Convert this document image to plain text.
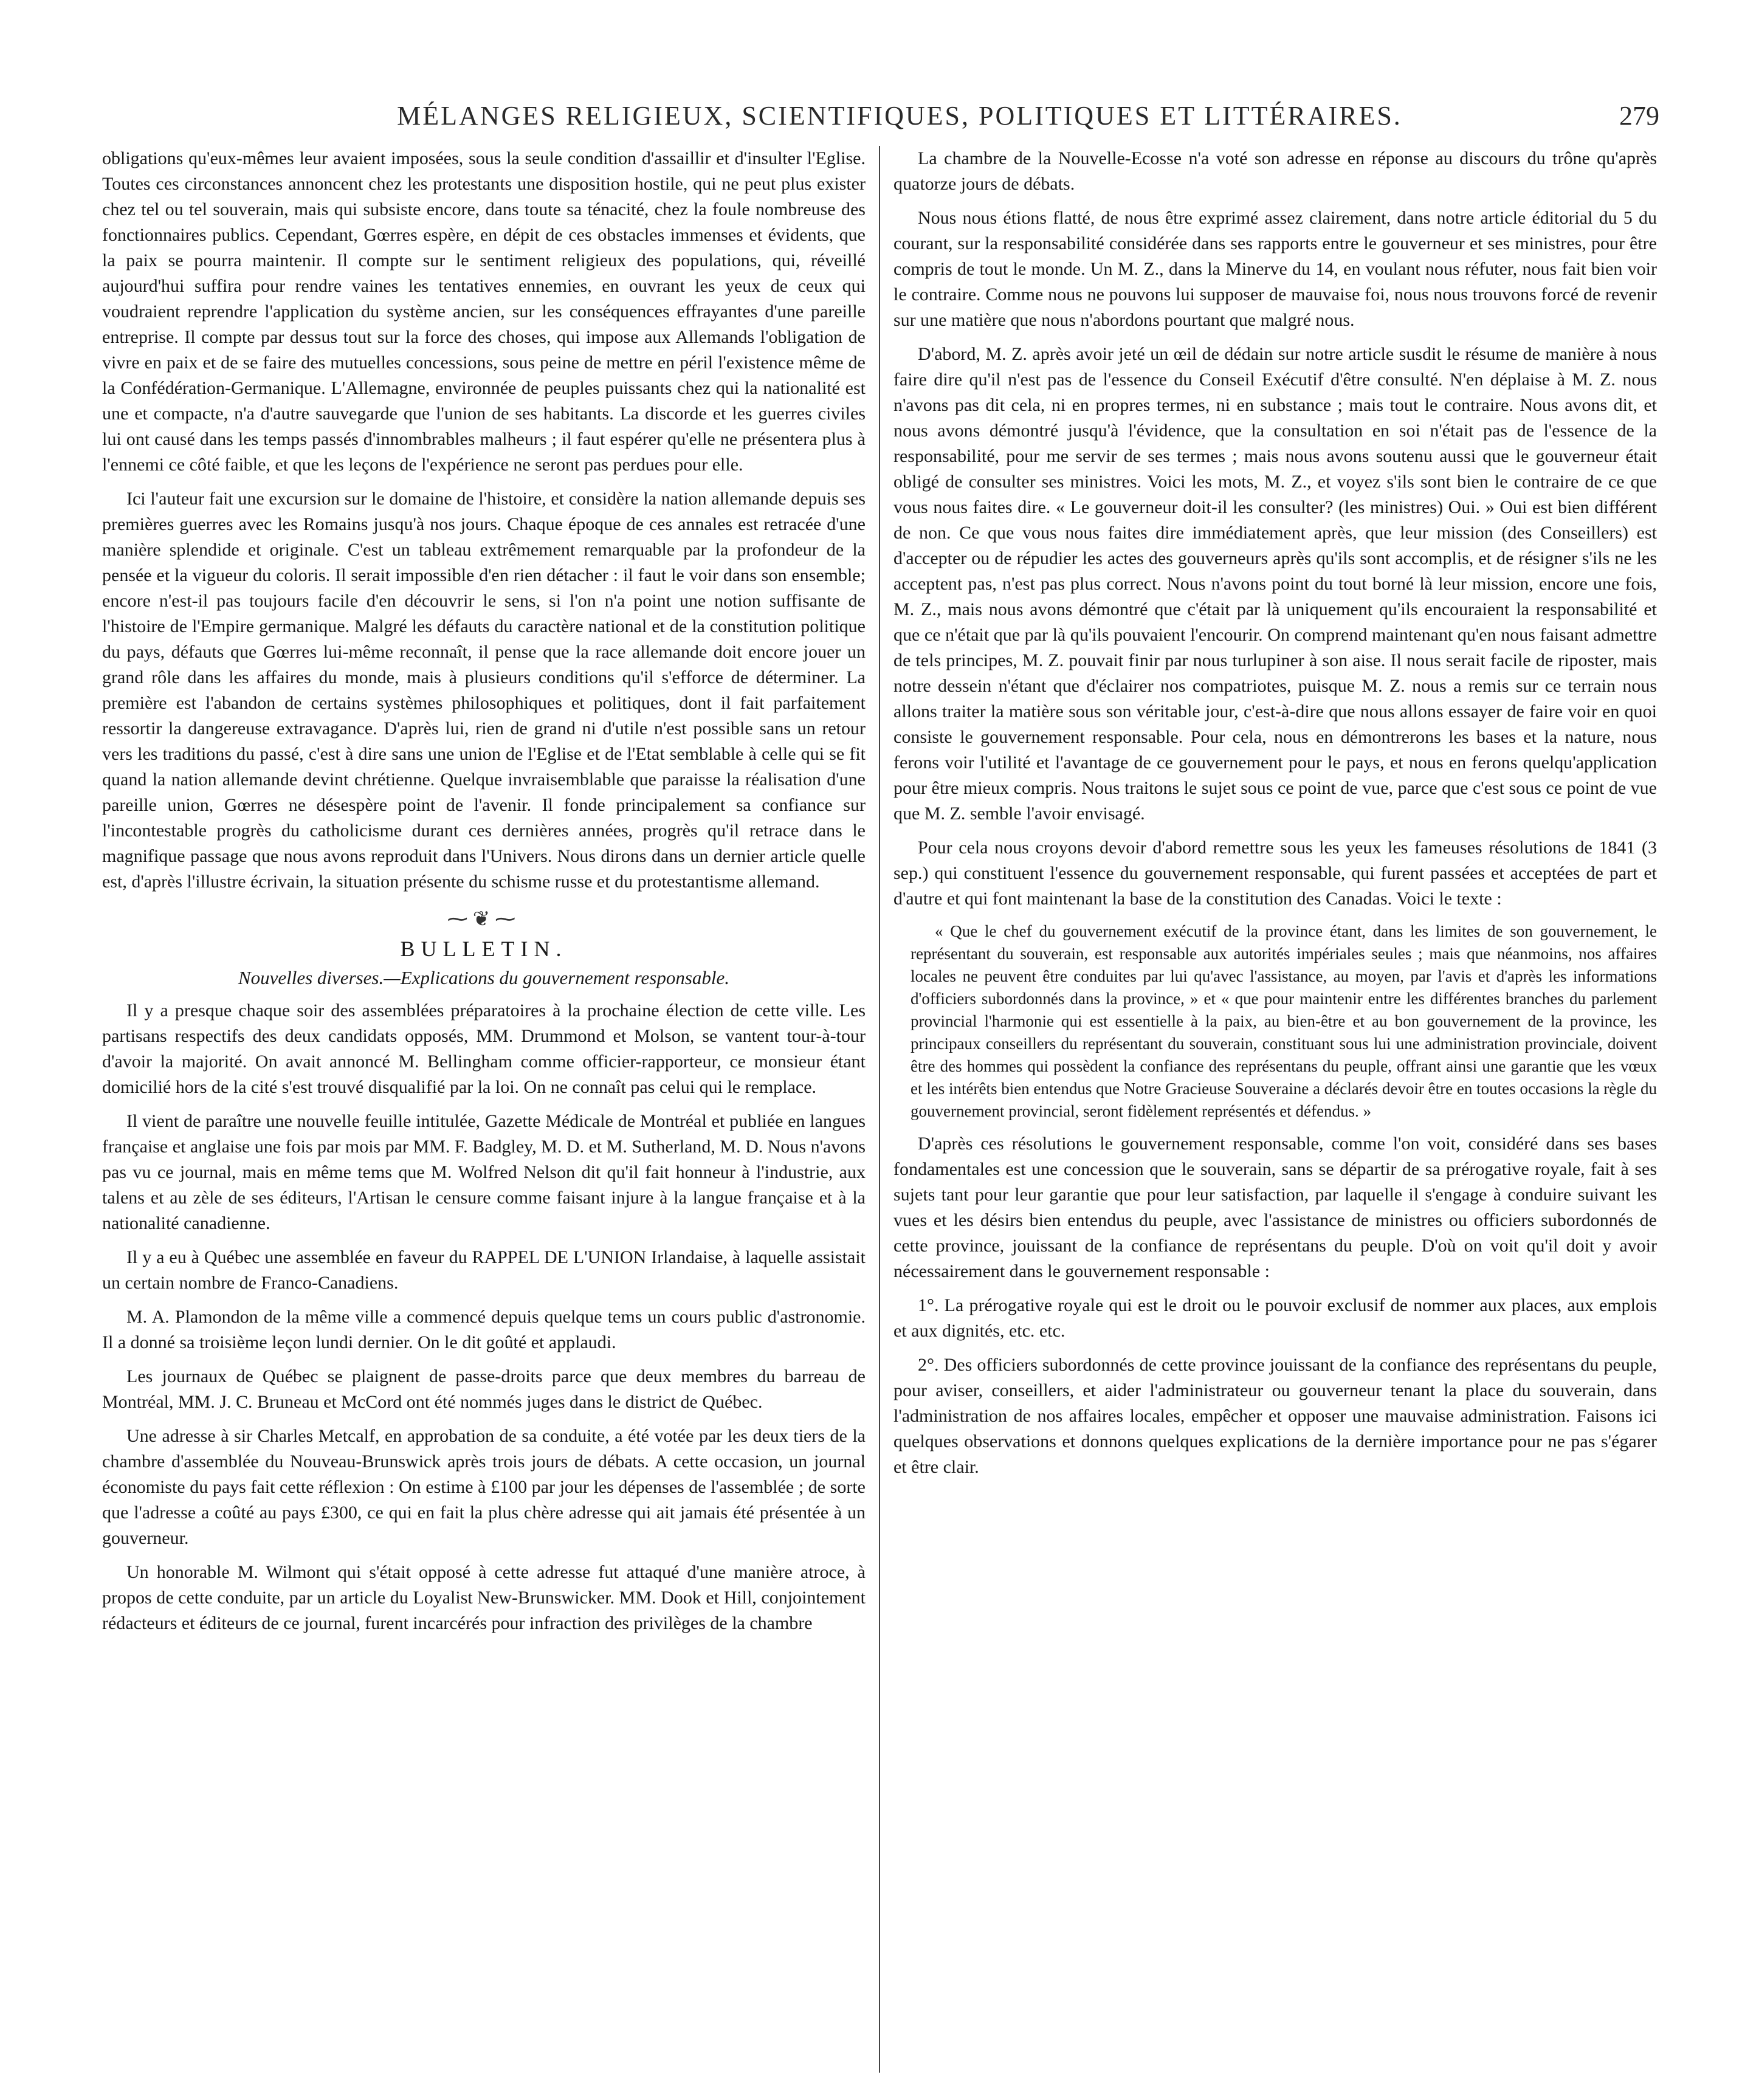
MÉLANGES RELIGIEUX, SCIENTIFIQUES, POLITIQUES ET LITTÉRAIRES.	279

obligations qu'eux-mêmes leur avaient imposées, sous la seule condition d'assaillir et d'insulter l'Eglise. Toutes ces circonstances annoncent chez les protestants une disposition hostile, qui ne peut plus exister chez tel ou tel souverain, mais qui subsiste encore, dans toute sa ténacité, chez la foule nombreuse des fonctionnaires publics. Cependant, Gœrres espère, en dépit de ces obstacles immenses et évidents, que la paix se pourra maintenir. Il compte sur le sentiment religieux des populations, qui, réveillé aujourd'hui suffira pour rendre vaines les tentatives ennemies, en ouvrant les yeux de ceux qui voudraient reprendre l'application du système ancien, sur les conséquences effrayantes d'une pareille entreprise. Il compte par dessus tout sur la force des choses, qui impose aux Allemands l'obligation de vivre en paix et de se faire des mutuelles concessions, sous peine de mettre en péril l'existence même de la Confédération-Germanique. L'Allemagne, environnée de peuples puissants chez qui la nationalité est une et compacte, n'a d'autre sauvegarde que l'union de ses habitants. La discorde et les guerres civiles lui ont causé dans les temps passés d'innombrables malheurs ; il faut espérer qu'elle ne présentera plus à l'ennemi ce côté faible, et que les leçons de l'expérience ne seront pas perdues pour elle.

Ici l'auteur fait une excursion sur le domaine de l'histoire, et considère la nation allemande depuis ses premières guerres avec les Romains jusqu'à nos jours. Chaque époque de ces annales est retracée d'une manière splendide et originale. C'est un tableau extrêmement remarquable par la profondeur de la pensée et la vigueur du coloris. Il serait impossible d'en rien détacher : il faut le voir dans son ensemble; encore n'est-il pas toujours facile d'en découvrir le sens, si l'on n'a point une notion suffisante de l'histoire de l'Empire germanique. Malgré les défauts du caractère national et de la constitution politique du pays, défauts que Gœrres lui-même reconnaît, il pense que la race allemande doit encore jouer un grand rôle dans les affaires du monde, mais à plusieurs conditions qu'il s'efforce de déterminer. La première est l'abandon de certains systèmes philosophiques et politiques, dont il fait parfaitement ressortir la dangereuse extravagance. D'après lui, rien de grand ni d'utile n'est possible sans un retour vers les traditions du passé, c'est à dire sans une union de l'Eglise et de l'Etat semblable à celle qui se fit quand la nation allemande devint chrétienne. Quelque invraisemblable que paraisse la réalisation d'une pareille union, Gœrres ne désespère point de l'avenir. Il fonde principalement sa confiance sur l'incontestable progrès du catholicisme durant ces dernières années, progrès qu'il retrace dans le magnifique passage que nous avons reproduit dans l'Univers. Nous dirons dans un dernier article quelle est, d'après l'illustre écrivain, la situation présente du schisme russe et du protestantisme allemand.

⁓❦⁓
BULLETIN.
Nouvelles diverses.—Explications du gouvernement responsable.

Il y a presque chaque soir des assemblées préparatoires à la prochaine élection de cette ville. Les partisans respectifs des deux candidats opposés, MM. Drummond et Molson, se vantent tour-à-tour d'avoir la majorité. On avait annoncé M. Bellingham comme officier-rapporteur, ce monsieur étant domicilié hors de la cité s'est trouvé disqualifié par la loi. On ne connaît pas celui qui le remplace.

Il vient de paraître une nouvelle feuille intitulée, Gazette Médicale de Montréal et publiée en langues française et anglaise une fois par mois par MM. F. Badgley, M. D. et M. Sutherland, M. D. Nous n'avons pas vu ce journal, mais en même tems que M. Wolfred Nelson dit qu'il fait honneur à l'industrie, aux talens et au zèle de ses éditeurs, l'Artisan le censure comme faisant injure à la langue française et à la nationalité canadienne.

Il y a eu à Québec une assemblée en faveur du RAPPEL DE L'UNION Irlandaise, à laquelle assistait un certain nombre de Franco-Canadiens.

M. A. Plamondon de la même ville a commencé depuis quelque tems un cours public d'astronomie. Il a donné sa troisième leçon lundi dernier. On le dit goûté et applaudi.

Les journaux de Québec se plaignent de passe-droits parce que deux membres du barreau de Montréal, MM. J. C. Bruneau et McCord ont été nommés juges dans le district de Québec.

Une adresse à sir Charles Metcalf, en approbation de sa conduite, a été votée par les deux tiers de la chambre d'assemblée du Nouveau-Brunswick après trois jours de débats. A cette occasion, un journal économiste du pays fait cette réflexion : On estime à £100 par jour les dépenses de l'assemblée ; de sorte que l'adresse a coûté au pays £300, ce qui en fait la plus chère adresse qui ait jamais été présentée à un gouverneur.

Un honorable M. Wilmont qui s'était opposé à cette adresse fut attaqué d'une manière atroce, à propos de cette conduite, par un article du Loyalist New-Brunswicker. MM. Dook et Hill, conjointement rédacteurs et éditeurs de ce journal, furent incarcérés pour infraction des privilèges de la chambre

La chambre de la Nouvelle-Ecosse n'a voté son adresse en réponse au discours du trône qu'après quatorze jours de débats.

Nous nous étions flatté, de nous être exprimé assez clairement, dans notre article éditorial du 5 du courant, sur la responsabilité considérée dans ses rapports entre le gouverneur et ses ministres, pour être compris de tout le monde. Un M. Z., dans la Minerve du 14, en voulant nous réfuter, nous fait bien voir le contraire. Comme nous ne pouvons lui supposer de mauvaise foi, nous nous trouvons forcé de revenir sur une matière que nous n'abordons pourtant que malgré nous.

D'abord, M. Z. après avoir jeté un œil de dédain sur notre article susdit le résume de manière à nous faire dire qu'il n'est pas de l'essence du Conseil Exécutif d'être consulté. N'en déplaise à M. Z. nous n'avons pas dit cela, ni en propres termes, ni en substance ; mais tout le contraire. Nous avons dit, et nous avons démontré jusqu'à l'évidence, que la consultation en soi n'était pas de l'essence de la responsabilité, pour me servir de ses termes ; mais nous avons soutenu aussi que le gouverneur était obligé de consulter ses ministres. Voici les mots, M. Z., et voyez s'ils sont bien le contraire de ce que vous nous faites dire. « Le gouverneur doit-il les consulter? (les ministres) Oui. » Oui est bien différent de non. Ce que vous nous faites dire immédiatement après, que leur mission (des Conseillers) est d'accepter ou de répudier les actes des gouverneurs après qu'ils sont accomplis, et de résigner s'ils ne les acceptent pas, n'est pas plus correct. Nous n'avons point du tout borné là leur mission, encore une fois, M. Z., mais nous avons démontré que c'était par là uniquement qu'ils encouraient la responsabilité et que ce n'était que par là qu'ils pouvaient l'encourir. On comprend maintenant qu'en nous faisant admettre de tels principes, M. Z. pouvait finir par nous turlupiner à son aise. Il nous serait facile de riposter, mais notre dessein n'étant que d'éclairer nos compatriotes, puisque M. Z. nous a remis sur ce terrain nous allons traiter la matière sous son véritable jour, c'est-à-dire que nous allons essayer de faire voir en quoi consiste le gouvernement responsable. Pour cela, nous en démontrerons les bases et la nature, nous ferons voir l'utilité et l'avantage de ce gouvernement pour le pays, et nous en ferons quelqu'application pour être mieux compris. Nous traitons le sujet sous ce point de vue, parce que c'est sous ce point de vue que M. Z. semble l'avoir envisagé.

Pour cela nous croyons devoir d'abord remettre sous les yeux les fameuses résolutions de 1841 (3 sep.) qui constituent l'essence du gouvernement responsable, qui furent passées et acceptées de part et d'autre et qui font maintenant la base de la constitution des Canadas. Voici le texte :

« Que le chef du gouvernement exécutif de la province étant, dans les limites de son gouvernement, le représentant du souverain, est responsable aux autorités impériales seules ; mais que néanmoins, nos affaires locales ne peuvent être conduites par lui qu'avec l'assistance, au moyen, par l'avis et d'après les informations d'officiers subordonnés dans la province, » et « que pour maintenir entre les différentes branches du parlement provincial l'harmonie qui est essentielle à la paix, au bien-être et au bon gouvernement de la province, les principaux conseillers du représentant du souverain, constituant sous lui une administration provinciale, doivent être des hommes qui possèdent la confiance des représentans du peuple, offrant ainsi une garantie que les vœux et les intérêts bien entendus que Notre Gracieuse Souveraine a déclarés devoir être en toutes occasions la règle du gouvernement provincial, seront fidèlement représentés et défendus. »

D'après ces résolutions le gouvernement responsable, comme l'on voit, considéré dans ses bases fondamentales est une concession que le souverain, sans se départir de sa prérogative royale, fait à ses sujets tant pour leur garantie que pour leur satisfaction, par laquelle il s'engage à conduire suivant les vues et les désirs bien entendus du peuple, avec l'assistance de ministres ou officiers subordonnés de cette province, jouissant de la confiance de représentans du peuple. D'où on voit qu'il doit y avoir nécessairement dans le gouvernement responsable :

1°. La prérogative royale qui est le droit ou le pouvoir exclusif de nommer aux places, aux emplois et aux dignités, etc. etc.

2°. Des officiers subordonnés de cette province jouissant de la confiance des représentans du peuple, pour aviser, conseillers, et aider l'administrateur ou gouverneur tenant la place du souverain, dans l'administration de nos affaires locales, empêcher et opposer une mauvaise administration. Faisons ici quelques observations et donnons quelques explications de la dernière importance pour ne pas s'égarer et être clair.
